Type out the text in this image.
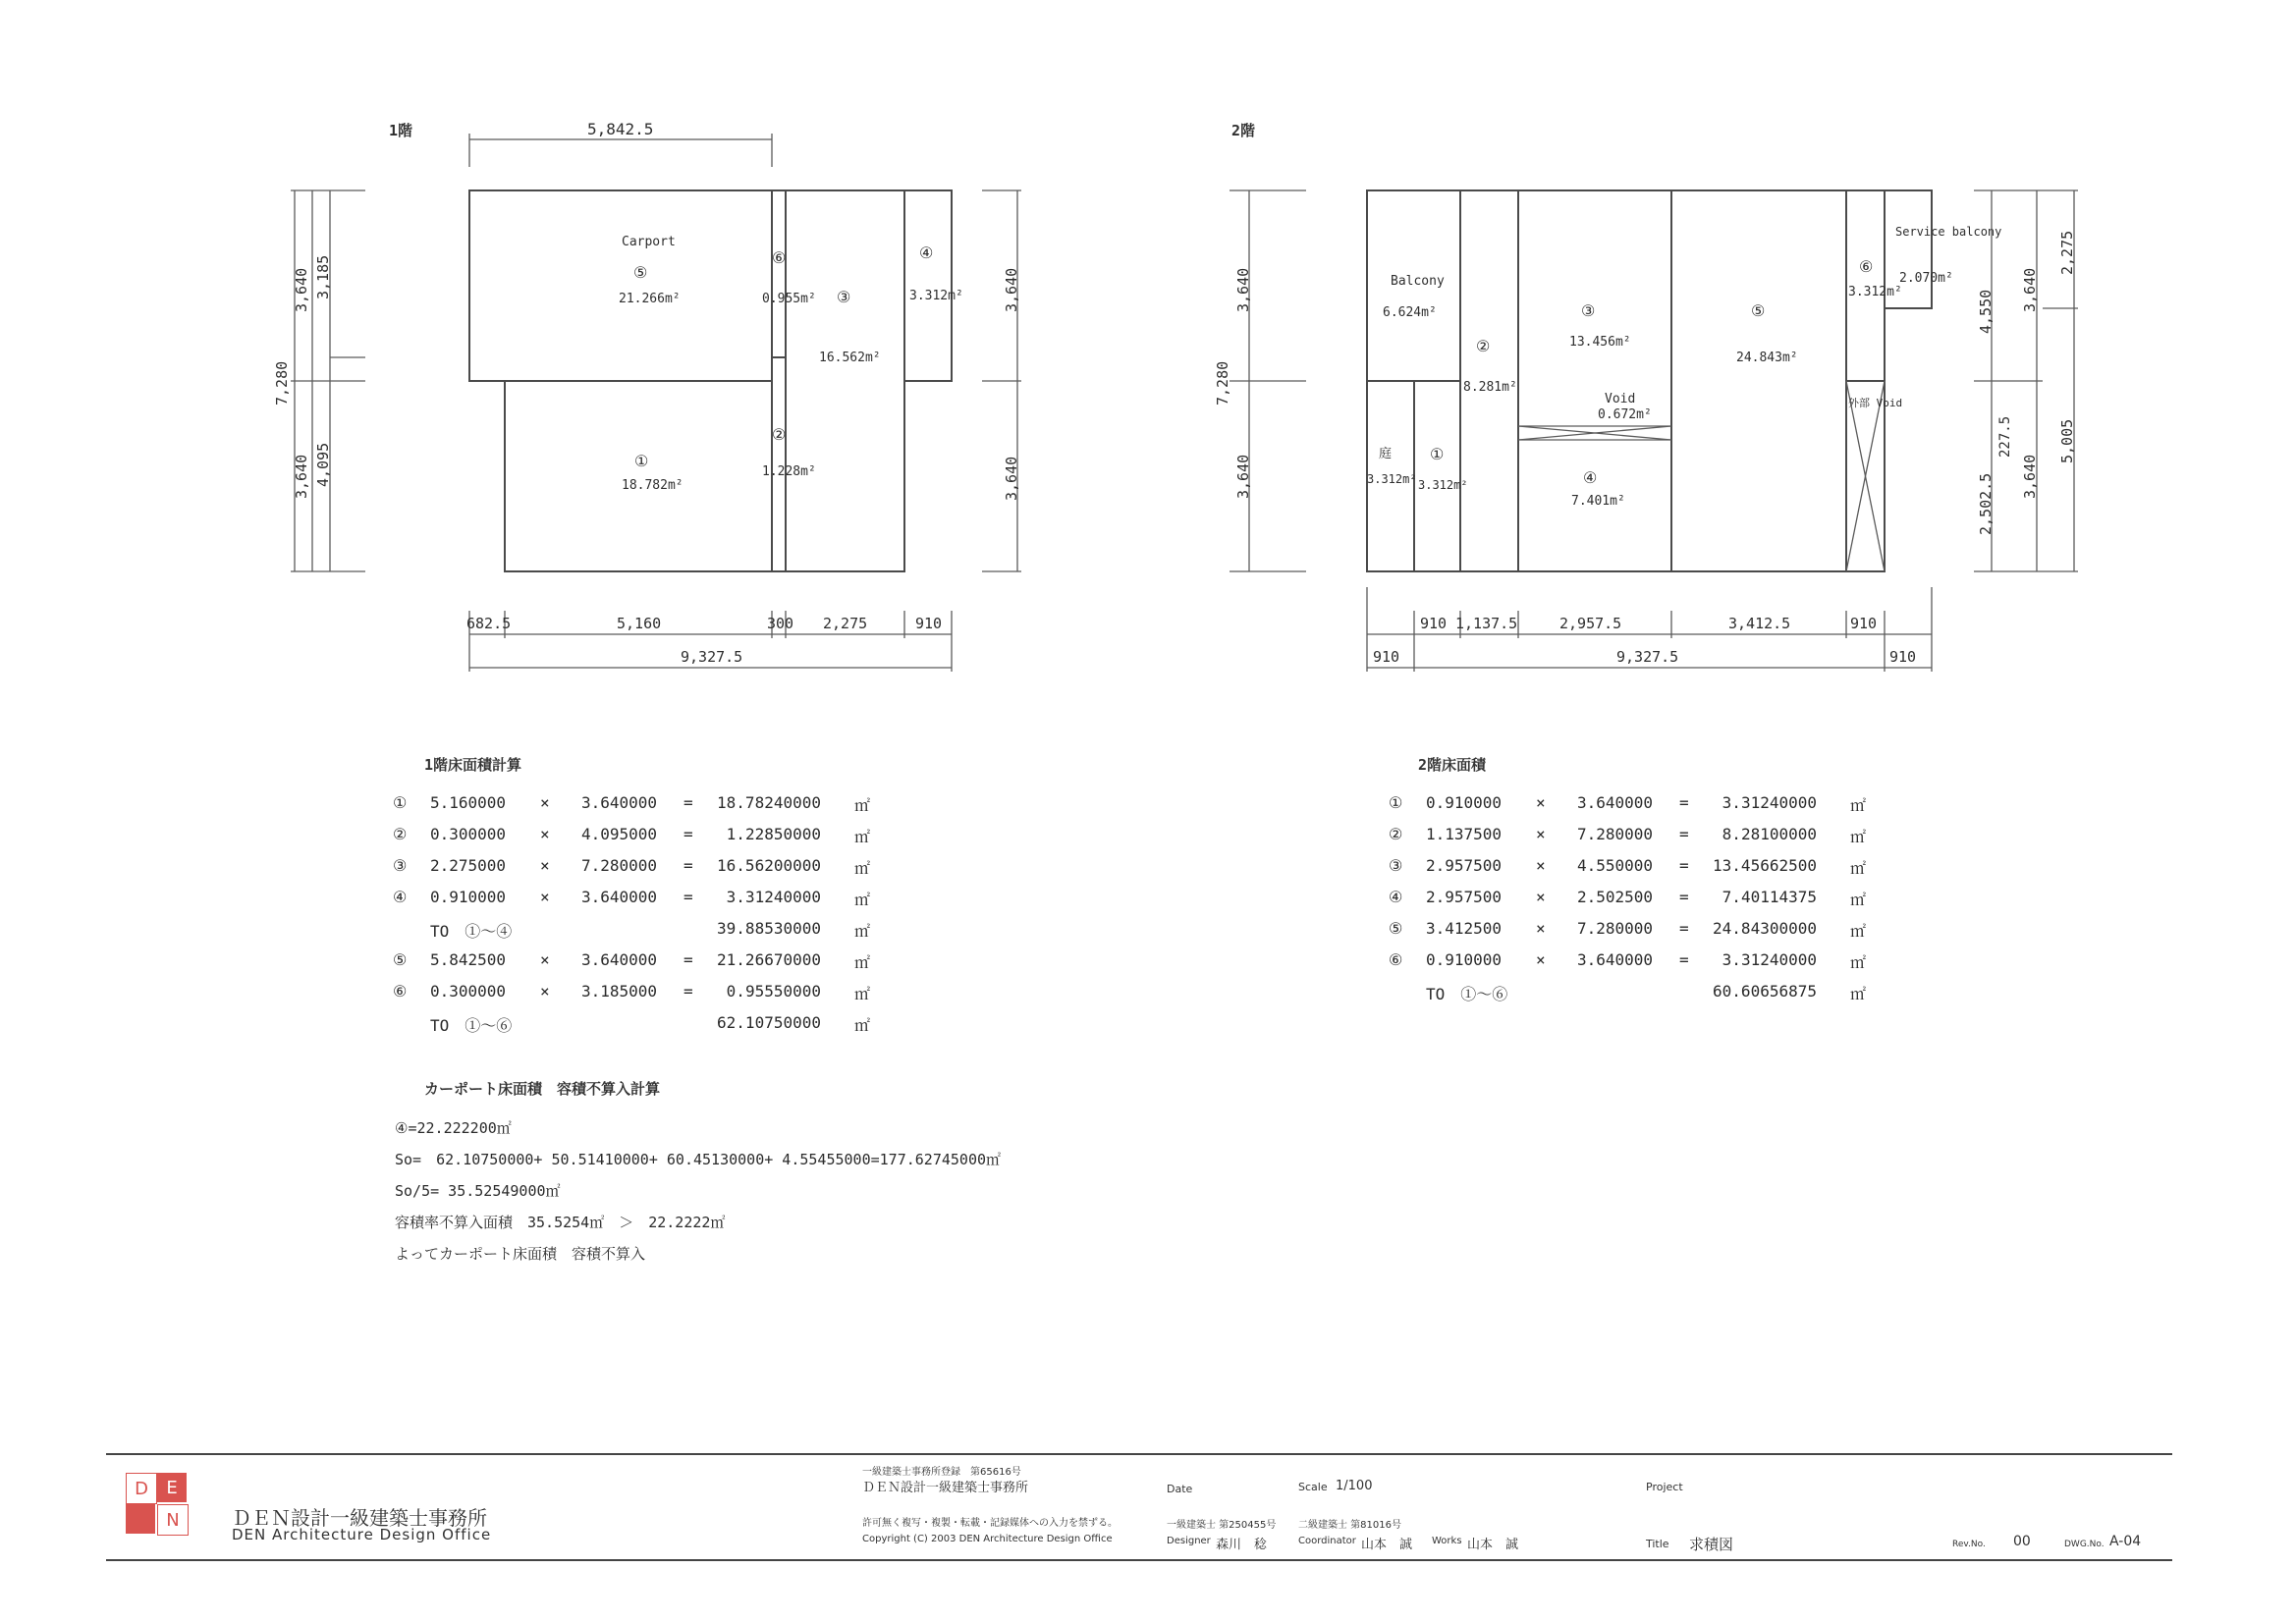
1階	5,842.5
Carport
⑤
21.266m²
⑥
0.955m² ③
16.562m²
④
3.312m²
①
18.782m²
②
1.228m²
3,640 3,185
7,280
3,640 4,095
3,640
3,640
682.5	5,160	300 2,275	910
9,327.5
2階
Balcony
6.624m²
②
8.281m²
③
13.456m²
⑤
24.843m²
⑥
3.312m²
Service balcony
2.070m²
Void
0.672m²
④
7.401m²
庭
3.312m²
①
3.312m²
外部 Void
3,640
7,280
3,640
4,550 3,640
2,275
2,502.5 3,640
5,005
227.5
910 1,137.5	2,957.5	3,412.5	910
910	9,327.5	910
1階床面積計算
① 5.160000 × 3.640000 = 18.78240000 ㎡
② 0.300000 × 4.095000 = 1.22850000 ㎡
③ 2.275000 × 7.280000 = 16.56200000 ㎡
④ 0.910000 × 3.640000 = 3.31240000 ㎡
TO　①～④	39.88530000 ㎡
⑤ 5.842500 × 3.640000 = 21.26670000 ㎡
⑥ 0.300000 × 3.185000 = 0.95550000 ㎡
TO　①～⑥	62.10750000 ㎡
2階床面積
① 0.910000 × 3.640000 = 3.31240000 ㎡
② 1.137500 × 7.280000 = 8.28100000 ㎡
③ 2.957500 × 4.550000 = 13.45662500 ㎡
④ 2.957500 × 2.502500 = 7.40114375 ㎡
⑤ 3.412500 × 7.280000 = 24.84300000 ㎡
⑥ 0.910000 × 3.640000 = 3.31240000 ㎡
TO　①～⑥	60.60656875 ㎡
カーポート床面積　容積不算入計算
④=22.222200㎡
So=　62.10750000+ 50.51410000+ 60.45130000+ 4.55455000=177.62745000㎡
So/5= 35.52549000㎡
容積率不算入面積　35.5254㎡　＞　22.2222㎡
よってカーポート床面積　容積不算入
D	E
N	ＤＥＮ設計一級建築士事務所
DEN Architecture Design Office
一級建築士事務所登録　第65616号
ＤＥＮ設計一級建築士事務所
許可無く複写・複製・転載・記録媒体への入力を禁ずる。
Copyright (C) 2003 DEN Architecture Design Office
Date	Scale 1/100	Project
一級建築士 第250455号 二級建築士 第81016号
Designer 森川　稔	Coordinator 山本　誠 Works 山本　誠	Title 求積図	Rev.No. 00	DWG.No. A-04
